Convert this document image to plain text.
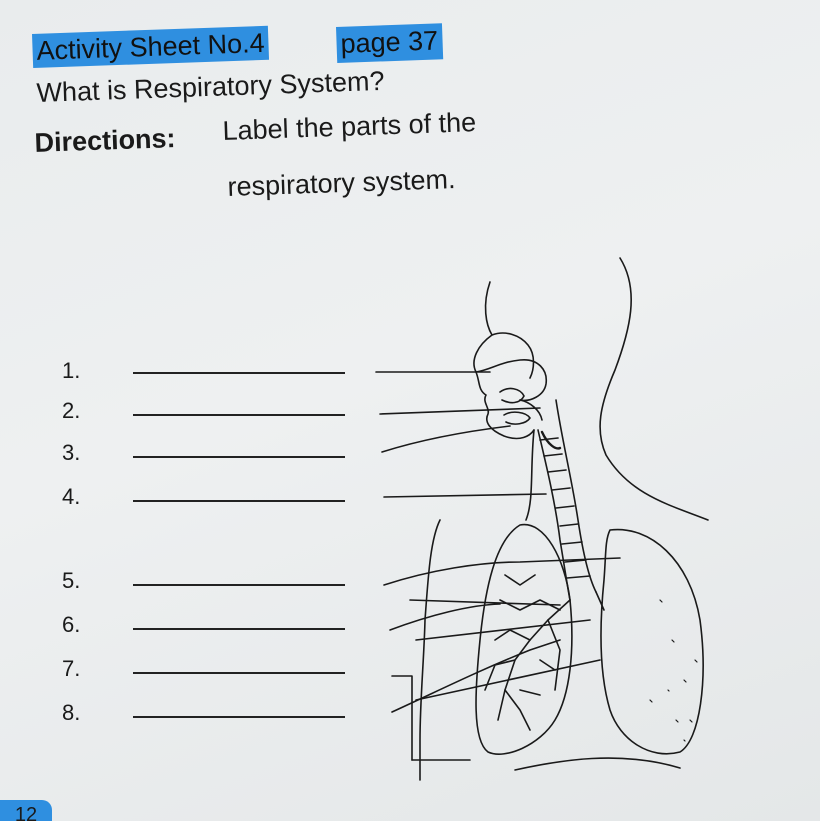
Activity Sheet No.4	page 37
What is Respiratory System?
Directions: Label the parts of the
respiratory system.
1.
2.
3.
4.
5.
6.
7.
8.
12
